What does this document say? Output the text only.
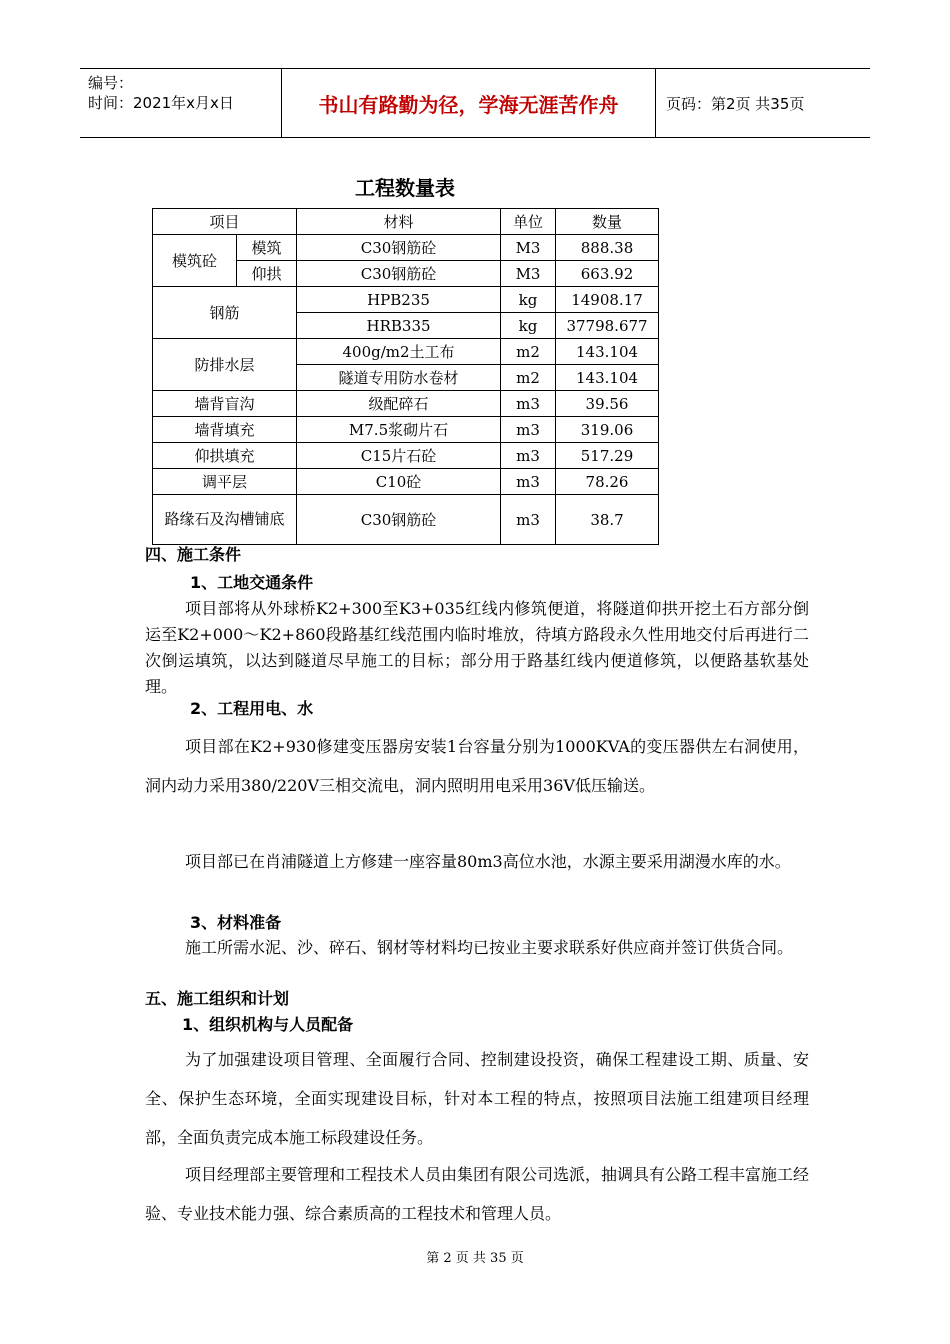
编号：
时间：2021年x月x日	书山有路勤为径，学海无涯苦作舟	页码：第2页 共35页
工程数量表
项目		材料	单位	数量
模筑砼	模筑	C30钢筋砼	M3	888.38
	仰拱	C30钢筋砼	M3	663.92
钢筋		HPB235	kg	14908.17
		HRB335	kg	37798.677
防排水层		400g/m2土工布	m2	143.104
		隧道专用防水卷材	m2	143.104
墙背盲沟		级配碎石	m3	39.56
墙背填充		M7.5浆砌片石	m3	319.06
仰拱填充		C15片石砼	m3	517.29
调平层		C10砼	m3	78.26
路缘石及沟槽铺底		C30钢筋砼	m3	38.7
四、施工条件
1、工地交通条件

项目部将从外球桥K2+300至K3+035红线内修筑便道，将隧道仰拱开挖土石方部分倒运至K2+000～K2+860段路基红线范围内临时堆放，待填方路段永久性用地交付后再进行二次倒运填筑，以达到隧道尽早施工的目标；部分用于路基红线内便道修筑，以便路基软基处理。

2、工程用电、水

项目部在K2+930修建变压器房安装1台容量分别为1000KVA的变压器供左右洞使用，洞内动力采用380/220V三相交流电，洞内照明用电采用36V低压输送。

项目部已在肖浦隧道上方修建一座容量80m3高位水池，水源主要采用湖漫水库的水。

3、材料准备

施工所需水泥、沙、碎石、钢材等材料均已按业主要求联系好供应商并签订供货合同。

五、施工组织和计划
1、组织机构与人员配备

为了加强建设项目管理、全面履行合同、控制建设投资，确保工程建设工期、质量、安全、保护生态环境，全面实现建设目标，针对本工程的特点，按照项目法施工组建项目经理部，全面负责完成本施工标段建设任务。

项目经理部主要管理和工程技术人员由集团有限公司选派，抽调具有公路工程丰富施工经验、专业技术能力强、综合素质高的工程技术和管理人员。

第 2 页 共 35 页
